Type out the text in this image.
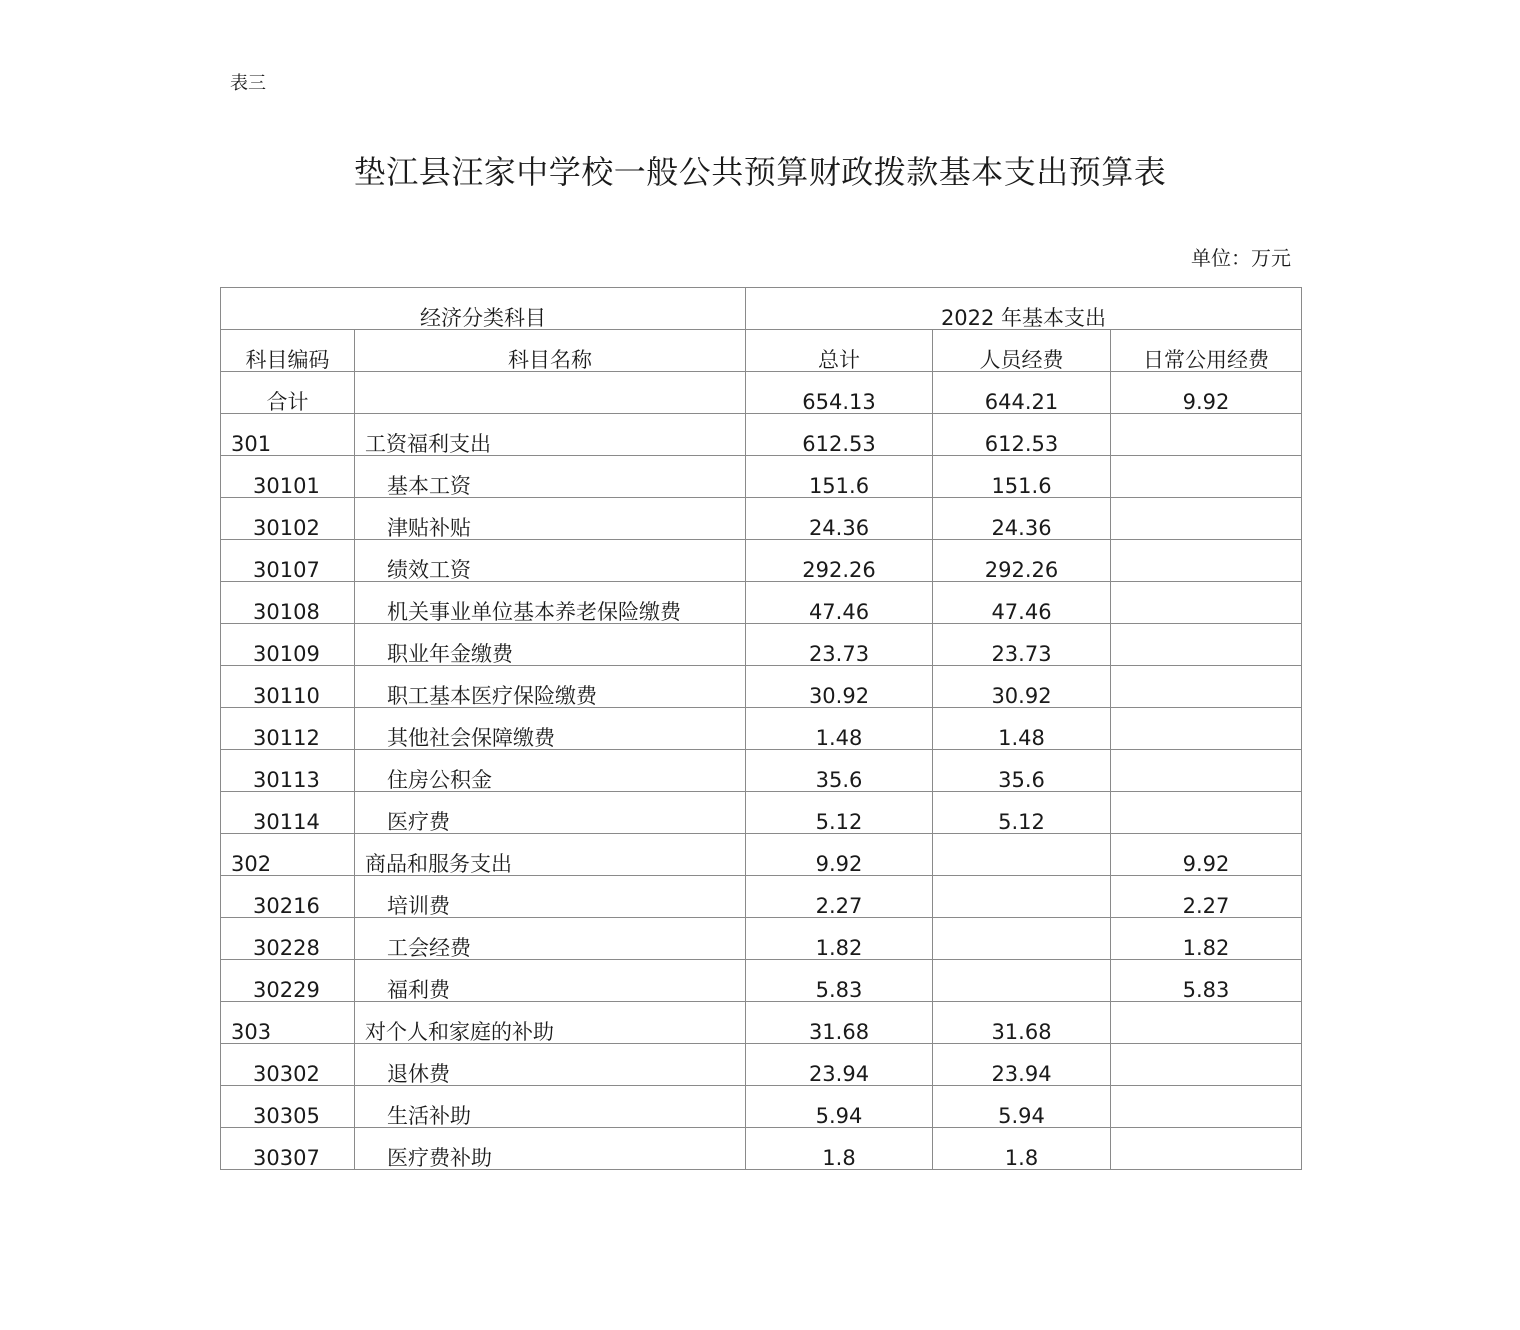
表三
垫江县汪家中学校一般公共预算财政拨款基本支出预算表
单位：万元
经济分类科目		2022 年基本支出		

科目编码	科目名称	总计	人员经费	日常公用经费

合计		654.13	644.21	9.92

301	工资福利支出	612.53	612.53	

30101	基本工资	151.6	151.6	

30102	津贴补贴	24.36	24.36	

30107	绩效工资	292.26	292.26	

30108	机关事业单位基本养老保险缴费	47.46	47.46	

30109	职业年金缴费	23.73	23.73	

30110	职工基本医疗保险缴费	30.92	30.92	

30112	其他社会保障缴费	1.48	1.48	

30113	住房公积金	35.6	35.6	

30114	医疗费	5.12	5.12	

302	商品和服务支出	9.92		9.92

30216	培训费	2.27		2.27

30228	工会经费	1.82		1.82

30229	福利费	5.83		5.83

303	对个人和家庭的补助	31.68	31.68	

30302	退休费	23.94	23.94	

30305	生活补助	5.94	5.94	

30307	医疗费补助	1.8	1.8	
